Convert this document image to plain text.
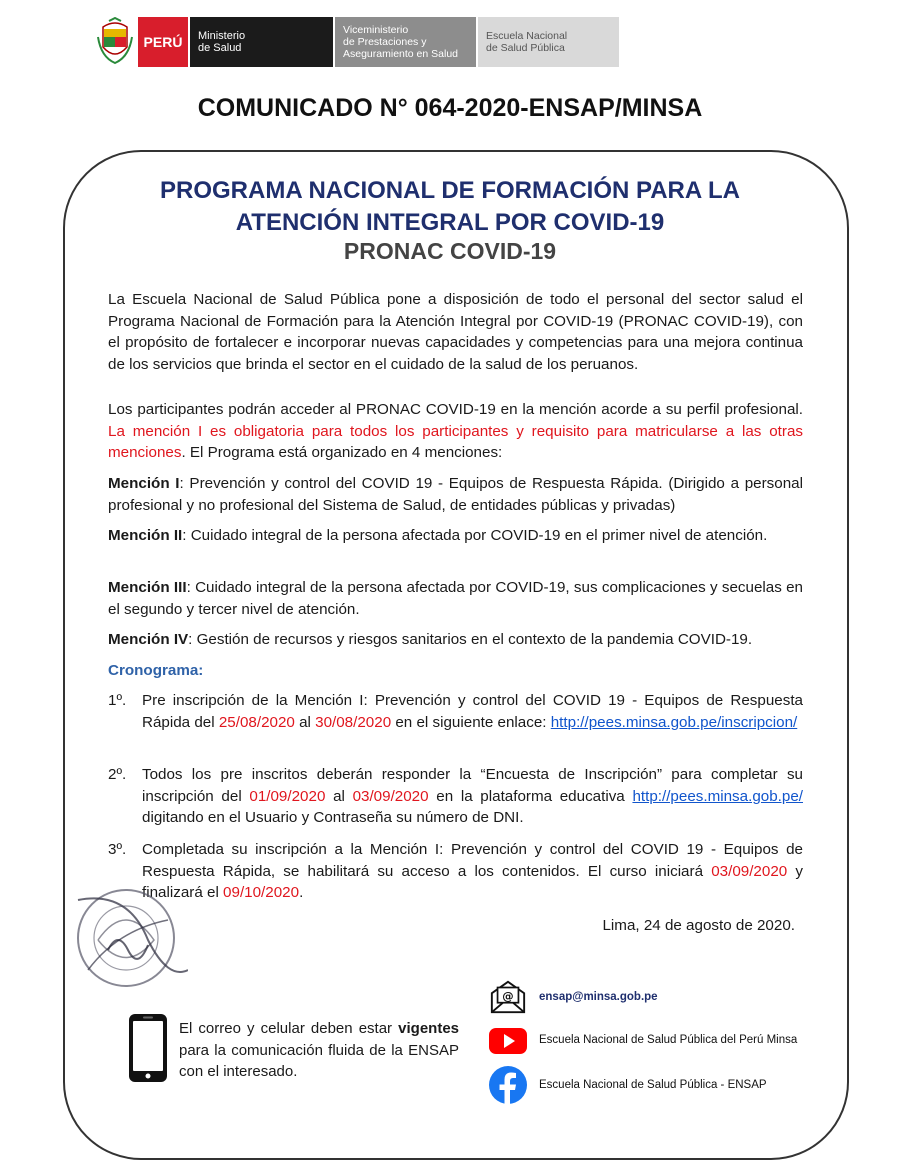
PERÚ	Ministerio
de Salud
Viceministerio
de Prestaciones y
Aseguramiento en Salud
Escuela Nacional
de Salud Pública
COMUNICADO N° 064-2020-ENSAP/MINSA
PROGRAMA NACIONAL DE FORMACIÓN PARA LA
ATENCIÓN INTEGRAL POR COVID-19
PRONAC COVID-19
La Escuela Nacional de Salud Pública pone a disposición de todo el personal del sector salud el Programa Nacional de Formación para la Atención Integral por COVID-19 (PRONAC COVID-19), con el propósito de fortalecer e incorporar nuevas capacidades y competencias para una mejora continua de los servicios que brinda el sector en el cuidado de la salud de los peruanos.
Los participantes podrán acceder al PRONAC COVID-19 en la mención acorde a su perfil profesional. La mención I es obligatoria para todos los participantes y requisito para matricularse a las otras menciones. El Programa está organizado en 4 menciones:
Mención I: Prevención y control del COVID 19 - Equipos de Respuesta Rápida. (Dirigido a personal profesional y no profesional del Sistema de Salud, de entidades públicas y privadas)
Mención II: Cuidado integral de la persona afectada por COVID-19 en el primer nivel de atención.
Mención III: Cuidado integral de la persona afectada por COVID-19, sus complicaciones y secuelas en el segundo y tercer nivel de atención.
Mención IV: Gestión de recursos y riesgos sanitarios en el contexto de la pandemia COVID-19.
Cronograma:
1º. Pre inscripción de la Mención I: Prevención y control del COVID 19 - Equipos de Respuesta Rápida del 25/08/2020 al 30/08/2020 en el siguiente enlace: http://pees.minsa.gob.pe/inscripcion/
2º. Todos los pre inscritos deberán responder la “Encuesta de Inscripción” para completar su inscripción del 01/09/2020 al 03/09/2020 en la plataforma educativa http://pees.minsa.gob.pe/ digitando en el Usuario y Contraseña su número de DNI.
3º. Completada su inscripción a la Mención I: Prevención y control del COVID 19 - Equipos de Respuesta Rápida, se habilitará su acceso a los contenidos. El curso iniciará 03/09/2020 y finalizará el 09/10/2020.
Lima, 24 de agosto de 2020.
El correo y celular deben estar vigentes para la comunicación fluida de la ENSAP con el interesado.
@ ensap@minsa.gob.pe
Escuela Nacional de Salud Pública del Perú Minsa
Escuela Nacional de Salud Pública - ENSAP
